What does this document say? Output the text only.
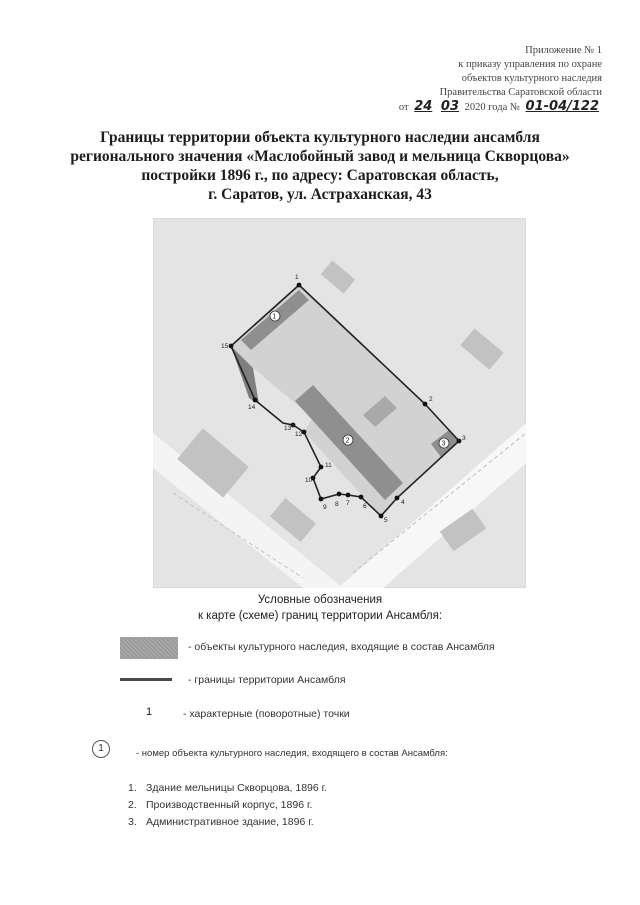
Приложение № 1
к приказу управления по охране
объектов культурного наследия
Правительства Саратовской области
от 24 03 2020 года № 01-04/122
Границы территории объекта культурного наследии ансамбля
регионального значения «Маслобойный завод и мельница Скворцова»
постройки 1896 г., по адресу: Саратовская область,
г. Саратов, ул. Астраханская, 43
1
2
3
4
5
6
7
8
9
10
11
12
13
14
15
1
2	3
Условные обозначения
к карте (схеме) границ территории Ансамбля:
- объекты культурного наследия, входящие в состав Ансамбля
- границы территории Ансамбля
1	- характерные (поворотные) точки
1	- номер объекта культурного наследия, входящего в состав Ансамбля:
1. Здание мельницы Скворцова, 1896 г.
2. Производственный корпус, 1896 г.
3. Административное здание, 1896 г.
